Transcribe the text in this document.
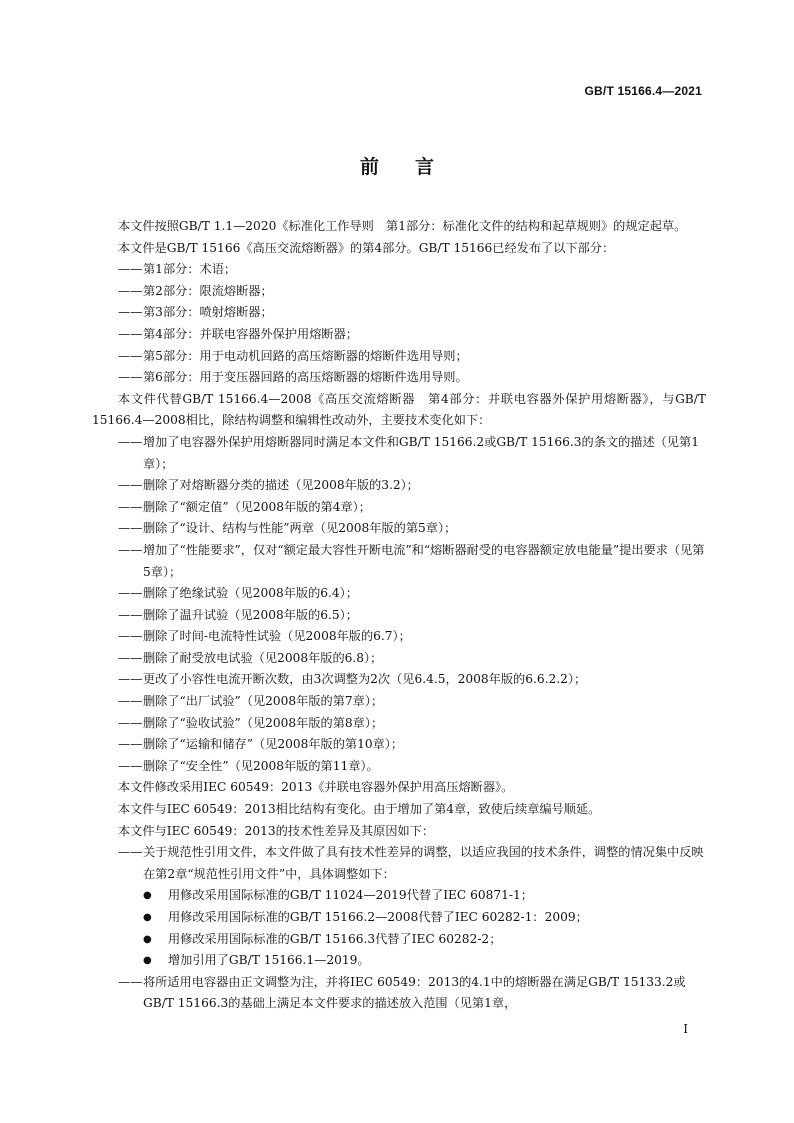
GB/T 15166.4—2021
前言

本文件按照GB/T 1.1—2020《标准化工作导则　第1部分：标准化文件的结构和起草规则》的规定起草。

本文件是GB/T 15166《高压交流熔断器》的第4部分。GB/T 15166已经发布了以下部分：

—— 第1部分：术语；

—— 第2部分：限流熔断器；

—— 第3部分：喷射熔断器；

—— 第4部分：并联电容器外保护用熔断器；

—— 第5部分：用于电动机回路的高压熔断器的熔断件选用导则；

—— 第6部分：用于变压器回路的高压熔断器的熔断件选用导则。

本文件代替GB/T 15166.4—2008《高压交流熔断器　第4部分：并联电容器外保护用熔断器》，与GB/T 15166.4—2008相比，除结构调整和编辑性改动外，主要技术变化如下：

—— 增加了电容器外保护用熔断器同时满足本文件和GB/T 15166.2或GB/T 15166.3的条文的描述（见第1章）；

—— 删除了对熔断器分类的描述（见2008年版的3.2）；

—— 删除了“额定值”（见2008年版的第4章）；

—— 删除了“设计、结构与性能”两章（见2008年版的第5章）；

—— 增加了“性能要求”，仅对“额定最大容性开断电流”和“熔断器耐受的电容器额定放电能量”提出要求（见第5章）；

—— 删除了绝缘试验（见2008年版的6.4）；

—— 删除了温升试验（见2008年版的6.5）；

—— 删除了时间-电流特性试验（见2008年版的6.7）；

—— 删除了耐受放电试验（见2008年版的6.8）；

—— 更改了小容性电流开断次数，由3次调整为2次（见6.4.5，2008年版的6.6.2.2）；

—— 删除了“出厂试验”（见2008年版的第7章）；

—— 删除了“验收试验”（见2008年版的第8章）；

—— 删除了“运输和储存”（见2008年版的第10章）；

—— 删除了“安全性”（见2008年版的第11章）。

本文件修改采用IEC 60549：2013《并联电容器外保护用高压熔断器》。

本文件与IEC 60549：2013相比结构有变化。由于增加了第4章，致使后续章编号顺延。

本文件与IEC 60549：2013的技术性差异及其原因如下：

—— 关于规范性引用文件，本文件做了具有技术性差异的调整，以适应我国的技术条件，调整的情况集中反映在第2章“规范性引用文件”中，具体调整如下：

● 用修改采用国际标准的GB/T 11024—2019代替了IEC 60871-1；

● 用修改采用国际标准的GB/T 15166.2—2008代替了IEC 60282-1：2009；

● 用修改采用国际标准的GB/T 15166.3代替了IEC 60282-2；

● 增加引用了GB/T 15166.1—2019。

—— 将所适用电容器由正文调整为注，并将IEC 60549：2013的4.1中的熔断器在满足GB/T 15133.2或GB/T 15166.3的基础上满足本文件要求的描述放入范围（见第1章，

I
